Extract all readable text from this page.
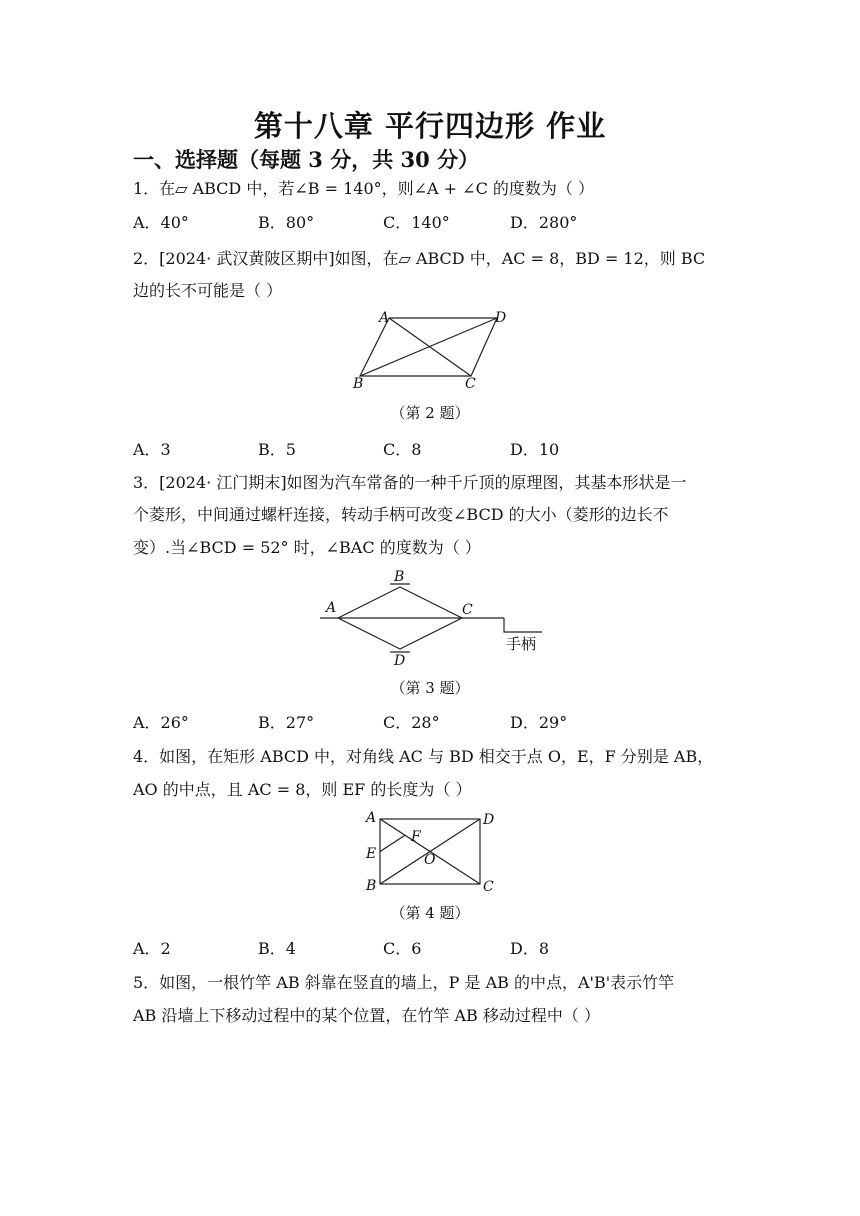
第十八章 平行四边形 作业
一、选择题（每题 3 分，共 30 分）
1．在▱ ABCD 中，若∠B = 140°，则∠A + ∠C 的度数为（ ）
A．40°	B．80°	C．140°	D．280°
2．[2024· 武汉黄陂区期中]如图，在▱ ABCD 中，AC = 8，BD = 12，则 BC
边的长不可能是（ ）
A	D
B	C
（第 2 题）
A．3	B．5	C．8	D．10
3．[2024· 江门期末]如图为汽车常备的一种千斤顶的原理图，其基本形状是一
个菱形，中间通过螺杆连接，转动手柄可改变∠BCD 的大小（菱形的边长不
变）.当∠BCD = 52° 时，∠BAC 的度数为（ ）
B
A	C
D
手柄
（第 3 题）
A．26°	B．27°	C．28°	D．29°
4．如图，在矩形 ABCD 中，对角线 AC 与 BD 相交于点 O，E，F 分别是 AB，
AO 的中点，且 AC = 8，则 EF 的长度为（ ）
A	D
F
E	O
B	C
（第 4 题）
A．2	B．4	C．6	D．8
5．如图，一根竹竿 AB 斜靠在竖直的墙上，P 是 AB 的中点，A'B'表示竹竿
AB 沿墙上下移动过程中的某个位置，在竹竿 AB 移动过程中（ ）
